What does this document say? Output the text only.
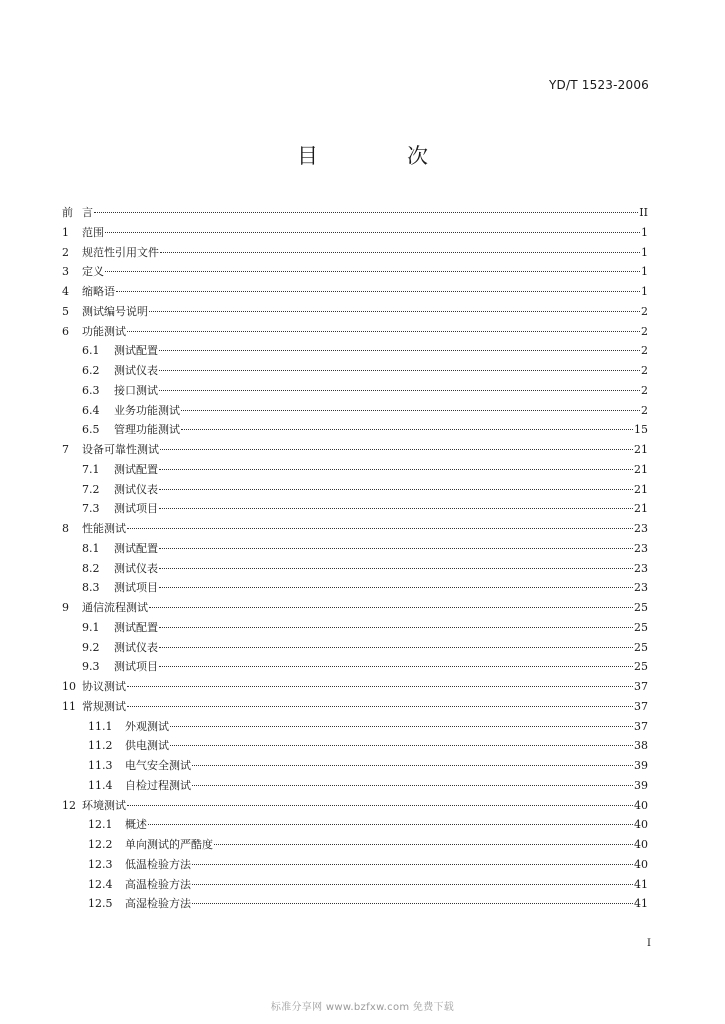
YD/T 1523-2006
目　次
前 言	II
1	范围	1
2	规范性引用文件	1
3	定义	1
4	缩略语	1
5	测试编号说明	2
6	功能测试	2
6.1	测试配置	2
6.2	测试仪表	2
6.3	接口测试	2
6.4	业务功能测试	2
6.5	管理功能测试	15
7	设备可靠性测试	21
7.1	测试配置	21
7.2	测试仪表	21
7.3	测试项目	21
8	性能测试	23
8.1	测试配置	23
8.2	测试仪表	23
8.3	测试项目	23
9	通信流程测试	25
9.1	测试配置	25
9.2	测试仪表	25
9.3	测试项目	25
10 协议测试	37
11 常规测试	37
11.1	外观测试	37
11.2	供电测试	38
11.3	电气安全测试	39
11.4	自检过程测试	39
12 环境测试	40
12.1	概述	40
12.2	单向测试的严酷度	40
12.3	低温检验方法	40
12.4	高温检验方法	41
12.5	高湿检验方法	41
I
标准分享网 www.bzfxw.com 免费下载
